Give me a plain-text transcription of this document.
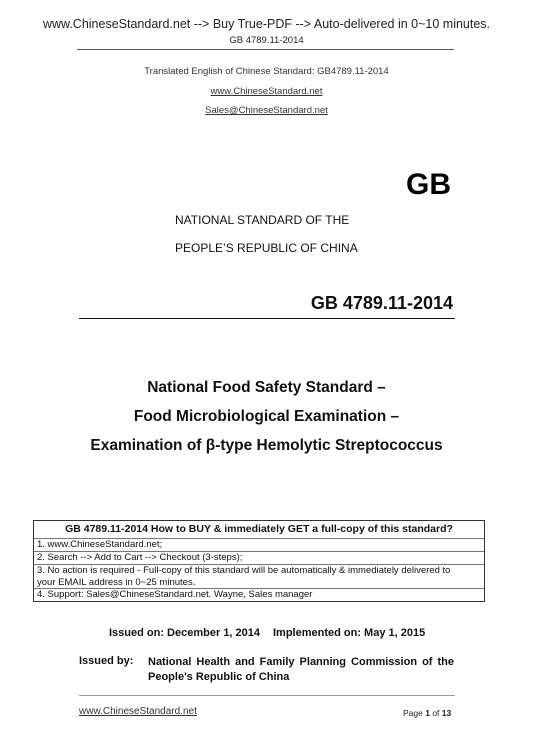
www.ChineseStandard.net --> Buy True-PDF --> Auto-delivered in 0~10 minutes.
GB 4789.11-2014
Translated English of Chinese Standard: GB4789.11-2014
www.ChineseStandard.net
Sales@ChineseStandard.net
GB
NATIONAL STANDARD OF THE
PEOPLE’S REPUBLIC OF CHINA
GB 4789.11-2014
National Food Safety Standard –
Food Microbiological Examination –
Examination of β-type Hemolytic Streptococcus
GB 4789.11-2014 How to BUY & immediately GET a full-copy of this standard?
1. www.ChineseStandard.net;
2. Search --> Add to Cart --> Checkout (3-steps);
3. No action is required - Full-copy of this standard will be automatically & immediately delivered to
your EMAIL address in 0~25 minutes.
4. Support: Sales@ChineseStandard.net. Wayne, Sales manager
Issued on: December 1, 2014 Implemented on: May 1, 2015
Issued by: National Health and Family Planning Commission of the People's Republic of China
www.ChineseStandard.net	Page 1 of 13
